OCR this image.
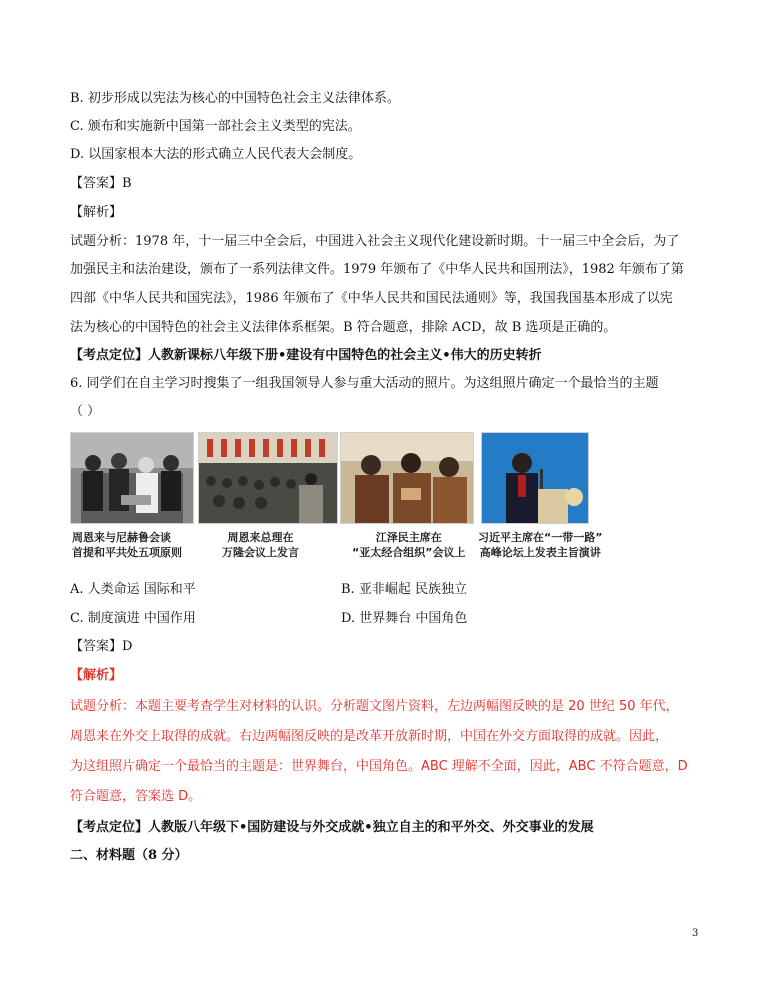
B. 初步形成以宪法为核心的中国特色社会主义法律体系。
C. 颁布和实施新中国第一部社会主义类型的宪法。
D. 以国家根本大法的形式确立人民代表大会制度。
【答案】B
【解析】
试题分析：1978 年，十一届三中全会后，中国进入社会主义现代化建设新时期。十一届三中全会后，为了
加强民主和法治建设，颁布了一系列法律文件。1979 年颁布了《中华人民共和国刑法》，1982 年颁布了第
四部《中华人民共和国宪法》，1986 年颁布了《中华人民共和国民法通则》等，我国我国基本形成了以宪
法为核心的中国特色的社会主义法律体系框架。B 符合题意，排除 ACD，故 B 选项是正确的。
【考点定位】人教新课标八年级下册•建设有中国特色的社会主义•伟大的历史转折
6. 同学们在自主学习时搜集了一组我国领导人参与重大活动的照片。为这组照片确定一个最恰当的主题
（ ）
周恩来与尼赫鲁会谈
首提和平共处五项原则
周恩来总理在
万隆会议上发言
江泽民主席在
“亚太经合组织”会议上
习近平主席在“一带一路”
高峰论坛上发表主旨演讲
A. 人类命运 国际和平	B. 亚非崛起 民族独立
C. 制度演进 中国作用	D. 世界舞台 中国角色
【答案】D
【解析】
试题分析：本题主要考查学生对材料的认识。分析题文图片资料，左边两幅图反映的是 20 世纪 50 年代，
周恩来在外交上取得的成就。右边两幅图反映的是改革开放新时期，中国在外交方面取得的成就。因此，
为这组照片确定一个最恰当的主题是：世界舞台，中国角色。ABC 理解不全面，因此，ABC 不符合题意，D
符合题意，答案选 D。
【考点定位】人教版八年级下•国防建设与外交成就•独立自主的和平外交、外交事业的发展
二、材料题（8 分）
3
